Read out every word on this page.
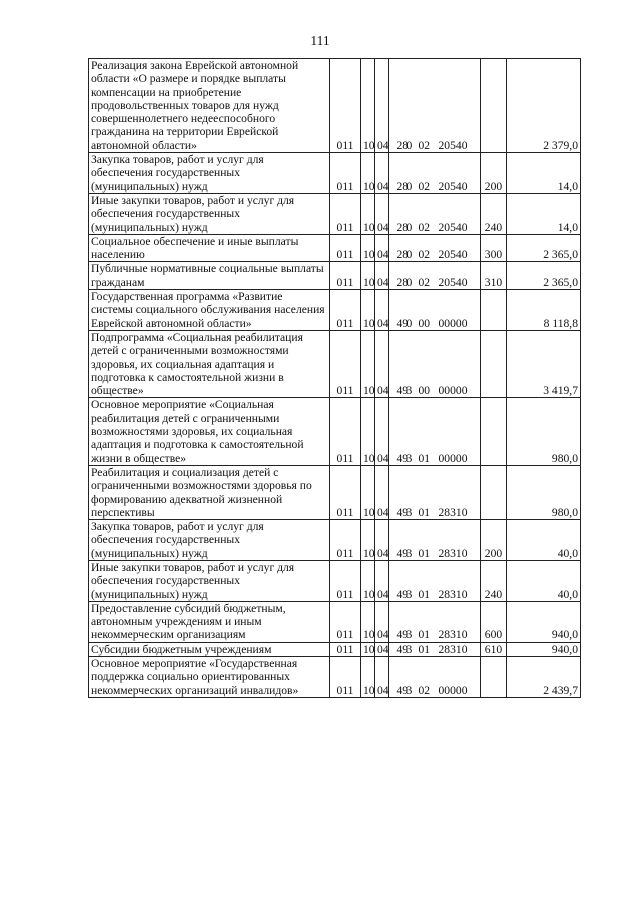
111
Реализация закона Еврейской автономной области «О размере и порядке выплаты компенсации на приобретение продовольственных товаров для нужд совершеннолетнего недееспособного гражданина на территории Еврейской автономной области»	011	10	04	280 02 20540		2 379,0
Закупка товаров, работ и услуг для обеспечения государственных (муниципальных) нужд	011	10	04	280 02 20540	200	14,0
Иные закупки товаров, работ и услуг для обеспечения государственных (муниципальных) нужд	011	10	04	280 02 20540	240	14,0
Социальное обеспечение и иные выплаты населению	011	10	04	280 02 20540	300	2 365,0
Публичные нормативные социальные выплаты гражданам	011	10	04	280 02 20540	310	2 365,0
Государственная программа «Развитие системы социального обслуживания населения Еврейской автономной области»	011	10	04	490 00 00000		8 118,8
Подпрограмма «Социальная реабилитация детей с ограниченными возможностями здоровья, их социальная адаптация и подготовка к самостоятельной жизни в обществе»	011	10	04	493 00 00000		3 419,7
Основное мероприятие «Социальная реабилитация детей с ограниченными возможностями здоровья, их социальная адаптация и подготовка к самостоятельной жизни в обществе»	011	10	04	493 01 00000		980,0
Реабилитация и социализация детей с ограниченными возможностями здоровья по формированию адекватной жизненной перспективы	011	10	04	493 01 28310		980,0
Закупка товаров, работ и услуг для обеспечения государственных (муниципальных) нужд	011	10	04	493 01 28310	200	40,0
Иные закупки товаров, работ и услуг для обеспечения государственных (муниципальных) нужд	011	10	04	493 01 28310	240	40,0
Предоставление субсидий бюджетным, автономным учреждениям и иным некоммерческим организациям	011	10	04	493 01 28310	600	940,0
Субсидии бюджетным учреждениям	011	10	04	493 01 28310	610	940,0
Основное мероприятие «Государственная поддержка социально ориентированных некоммерческих организаций инвалидов»	011	10	04	493 02 00000		2 439,7
